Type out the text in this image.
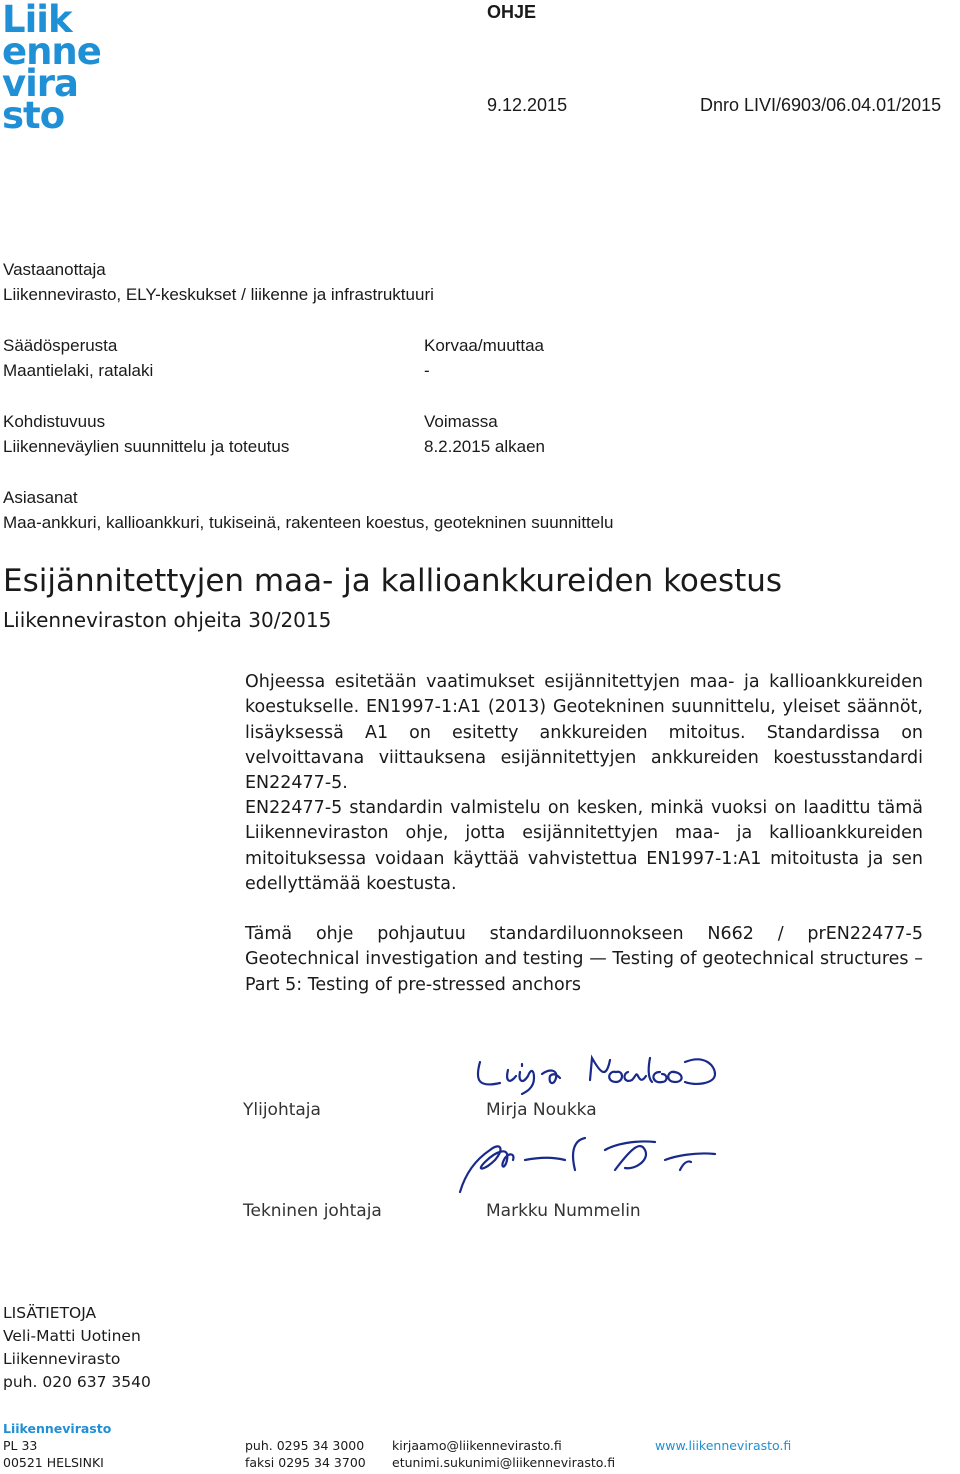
Liik
enne
vira
sto
OHJE
9.12.2015	Dnro LIVI/6903/06.04.01/2015
Vastaanottaja
Liikennevirasto, ELY-keskukset / liikenne ja infrastruktuuri
Säädösperusta
Maantielaki, ratalaki
Korvaa/muuttaa
-
Kohdistuvuus
Liikenneväylien suunnittelu ja toteutus
Voimassa
8.2.2015 alkaen
Asiasanat
Maa-ankkuri, kallioankkuri, tukiseinä, rakenteen koestus, geotekninen suunnittelu
Esijännitettyjen maa- ja kallioankkureiden koestus
Liikenneviraston ohjeita 30/2015
Ohjeessa esitetään vaatimukset esijännitettyjen maa- ja kallioankkureiden koestukselle. EN1997-1:A1 (2013) Geotekninen suunnittelu, yleiset säännöt, lisäyksessä A1 on esitetty ankkureiden mitoitus. Standardissa on velvoittavana viittauksena esijännitettyjen ankkureiden koestusstandardi EN22477-5.
EN22477-5 standardin valmistelu on kesken, minkä vuoksi on laadittu tämä Liikenneviraston ohje, jotta esijännitettyjen maa- ja kallioankkureiden mitoituksessa voidaan käyttää vahvistettua EN1997-1:A1 mitoitusta ja sen edellyttämää koestusta.
Tämä ohje pohjautuu standardiluonnokseen N662 / prEN22477-5 Geotechnical investigation and testing — Testing of geotechnical structures – Part 5: Testing of pre-stressed anchors
Ylijohtaja	Mirja Noukka
Tekninen johtaja	Markku Nummelin
LISÄTIETOJA
Veli-Matti Uotinen
Liikennevirasto
puh. 020 637 3540
Liikennevirasto
PL 33
00521 HELSINKI
puh. 0295 34 3000
faksi 0295 34 3700
kirjaamo@liikennevirasto.fi
etunimi.sukunimi@liikennevirasto.fi
www.liikennevirasto.fi
